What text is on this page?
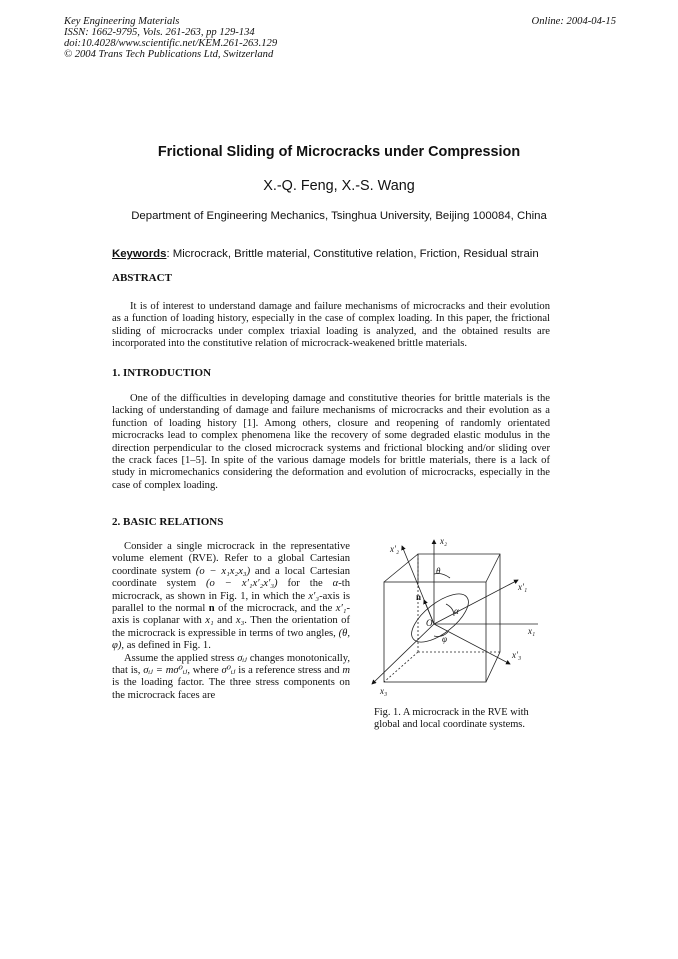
Key Engineering Materials
ISSN: 1662-9795, Vols. 261-263, pp 129-134
doi:10.4028/www.scientific.net/KEM.261-263.129
© 2004 Trans Tech Publications Ltd, Switzerland
Online: 2004-04-15
Frictional Sliding of Microcracks under Compression
X.-Q. Feng, X.-S. Wang
Department of Engineering Mechanics, Tsinghua University, Beijing 100084, China
Keywords: Microcrack, Brittle material, Constitutive relation, Friction, Residual strain
ABSTRACT

It is of interest to understand damage and failure mechanisms of microcracks and their evolution as a function of loading history, especially in the case of complex loading. In this paper, the frictional sliding of microcracks under complex triaxial loading is analyzed, and the obtained results are incorporated into the constitutive relation of microcrack-weakened brittle materials.

1. INTRODUCTION

One of the difficulties in developing damage and constitutive theories for brittle materials is the lacking of understanding of damage and failure mechanisms of microcracks and their evolution as a function of loading history [1]. Among others, closure and reopening of randomly orientated microcracks lead to complex phenomena like the recovery of some degraded elastic modulus in the direction perpendicular to the closed microcrack systems and frictional blocking and/or sliding over the crack faces [1–5]. In spite of the various damage models for brittle materials, there is a lack of study in micromechanics considering the deformation and evolution of microcracks, especially in the case of complex loading.

2. BASIC RELATIONS

Consider a single microcrack in the representative volume element (RVE). Refer to a global Cartesian coordinate system (o − x₁x₂x₃) and a local Cartesian coordinate system (o − x′₁x′₂x′₃) for the α-th microcrack, as shown in Fig. 1, in which the x′₃-axis is parallel to the normal n of the microcrack, and the x′₁-axis is coplanar with x₁ and x₃. Then the orientation of the microcrack is expressible in terms of two angles, (θ, φ), as defined in Fig. 1.

Assume the applied stress σᵢⱼ changes monotonically, that is, σᵢⱼ = mσ⁰ᵢⱼ, where σ⁰ᵢⱼ is a reference stress and m is the loading factor. The three stress components on the microcrack faces are

x₂
x′₂
x′₁
x₁
x′₃
x₃
θ
α
φ
O
n
Fig. 1. A microcrack in the RVE with global and local coordinate systems.
